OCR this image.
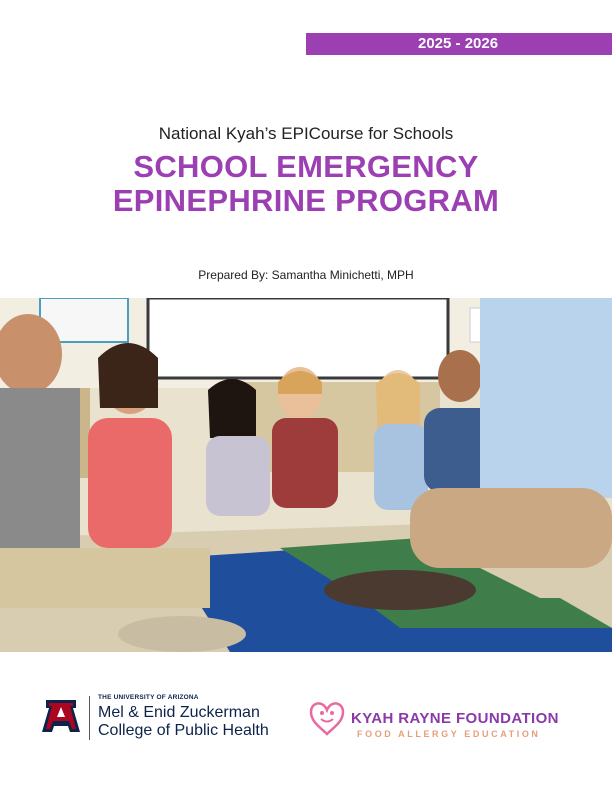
2025 - 2026
National Kyah’s EPICourse for Schools
SCHOOL EMERGENCY
EPINEPHRINE PROGRAM
Prepared By: Samantha Minichetti, MPH
THE UNIVERSITY OF ARIZONA
Mel & Enid Zuckerman
College of Public Health
KYAH RAYNE FOUNDATION
FOOD ALLERGY EDUCATION
